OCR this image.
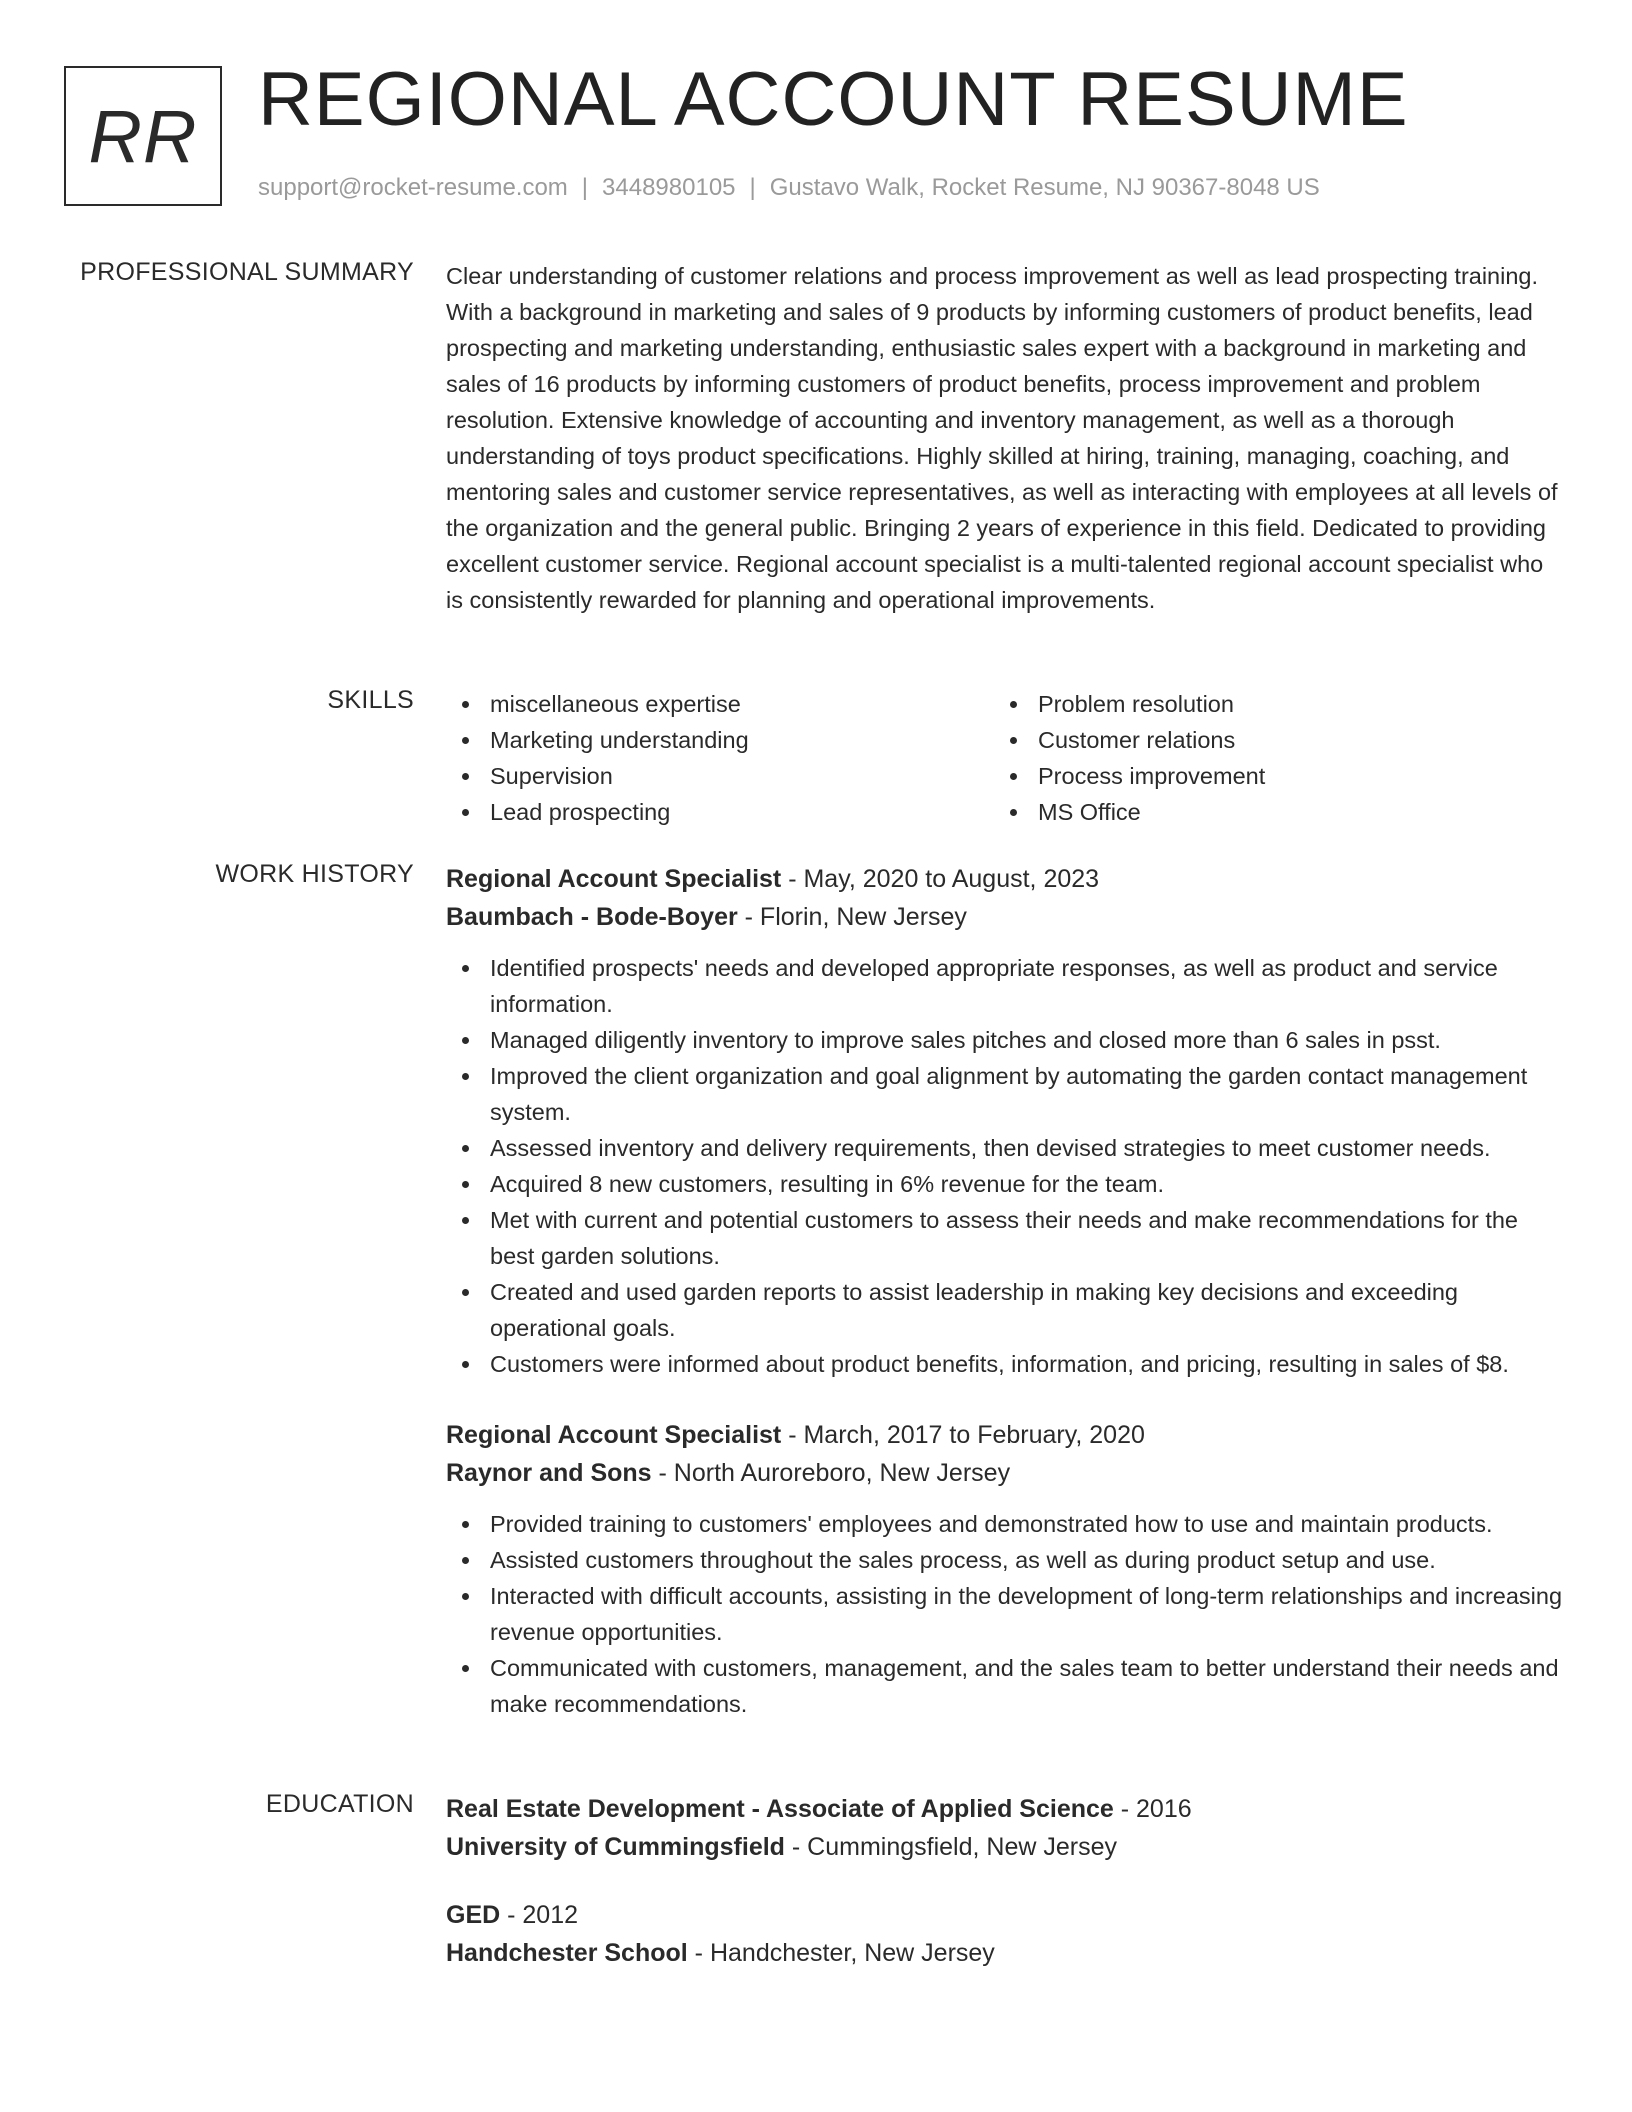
RR REGIONAL ACCOUNT RESUME
support@rocket-resume.com | 3448980105 | Gustavo Walk, Rocket Resume, NJ 90367-8048 US
PROFESSIONAL SUMMARY Clear understanding of customer relations and process improvement as well as lead prospecting training. With a background in marketing and sales of 9 products by informing customers of product benefits, lead prospecting and marketing understanding, enthusiastic sales expert with a background in marketing and sales of 16 products by informing customers of product benefits, process improvement and problem resolution. Extensive knowledge of accounting and inventory management, as well as a thorough understanding of toys product specifications. Highly skilled at hiring, training, managing, coaching, and mentoring sales and customer service representatives, as well as interacting with employees at all levels of the organization and the general public. Bringing 2 years of experience in this field. Dedicated to providing excellent customer service. Regional account specialist is a multi-talented regional account specialist who is consistently rewarded for planning and operational improvements.

SKILLS	miscellaneous expertise
Marketing understanding
Supervision
Lead prospecting
Problem resolution
Customer relations
Process improvement
MS Office
WORK HISTORY Regional Account Specialist - May, 2020 to August, 2023
Baumbach - Bode-Boyer - Florin, New Jersey
Identified prospects' needs and developed appropriate responses, as well as product and service information.
Managed diligently inventory to improve sales pitches and closed more than 6 sales in psst.
Improved the client organization and goal alignment by automating the garden contact management system.
Assessed inventory and delivery requirements, then devised strategies to meet customer needs.
Acquired 8 new customers, resulting in 6% revenue for the team.
Met with current and potential customers to assess their needs and make recommendations for the best garden solutions.
Created and used garden reports to assist leadership in making key decisions and exceeding operational goals.
Customers were informed about product benefits, information, and pricing, resulting in sales of $8.
Regional Account Specialist - March, 2017 to February, 2020
Raynor and Sons - North Auroreboro, New Jersey
Provided training to customers' employees and demonstrated how to use and maintain products.
Assisted customers throughout the sales process, as well as during product setup and use.
Interacted with difficult accounts, assisting in the development of long-term relationships and increasing revenue opportunities.
Communicated with customers, management, and the sales team to better understand their needs and make recommendations.
EDUCATION Real Estate Development - Associate of Applied Science - 2016
University of Cummingsfield - Cummingsfield, New Jersey
GED - 2012
Handchester School - Handchester, New Jersey
